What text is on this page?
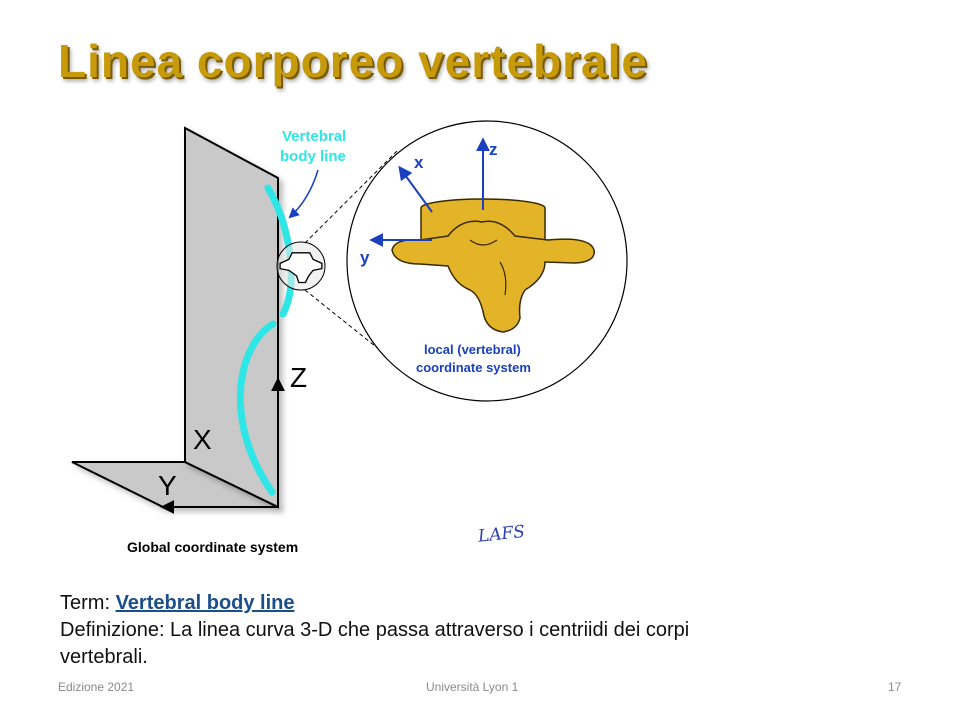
Linea corporeo vertebrale
Vertebral
body line	x
z
y
local (vertebral)
coordinate system
Z
X
Y
Global coordinate system
LAFS
Term: Vertebral body line
Definizione: La linea curva 3-D che passa attraverso i centriidi dei corpi
vertebrali.
Edizione 2021	Università Lyon 1	17
